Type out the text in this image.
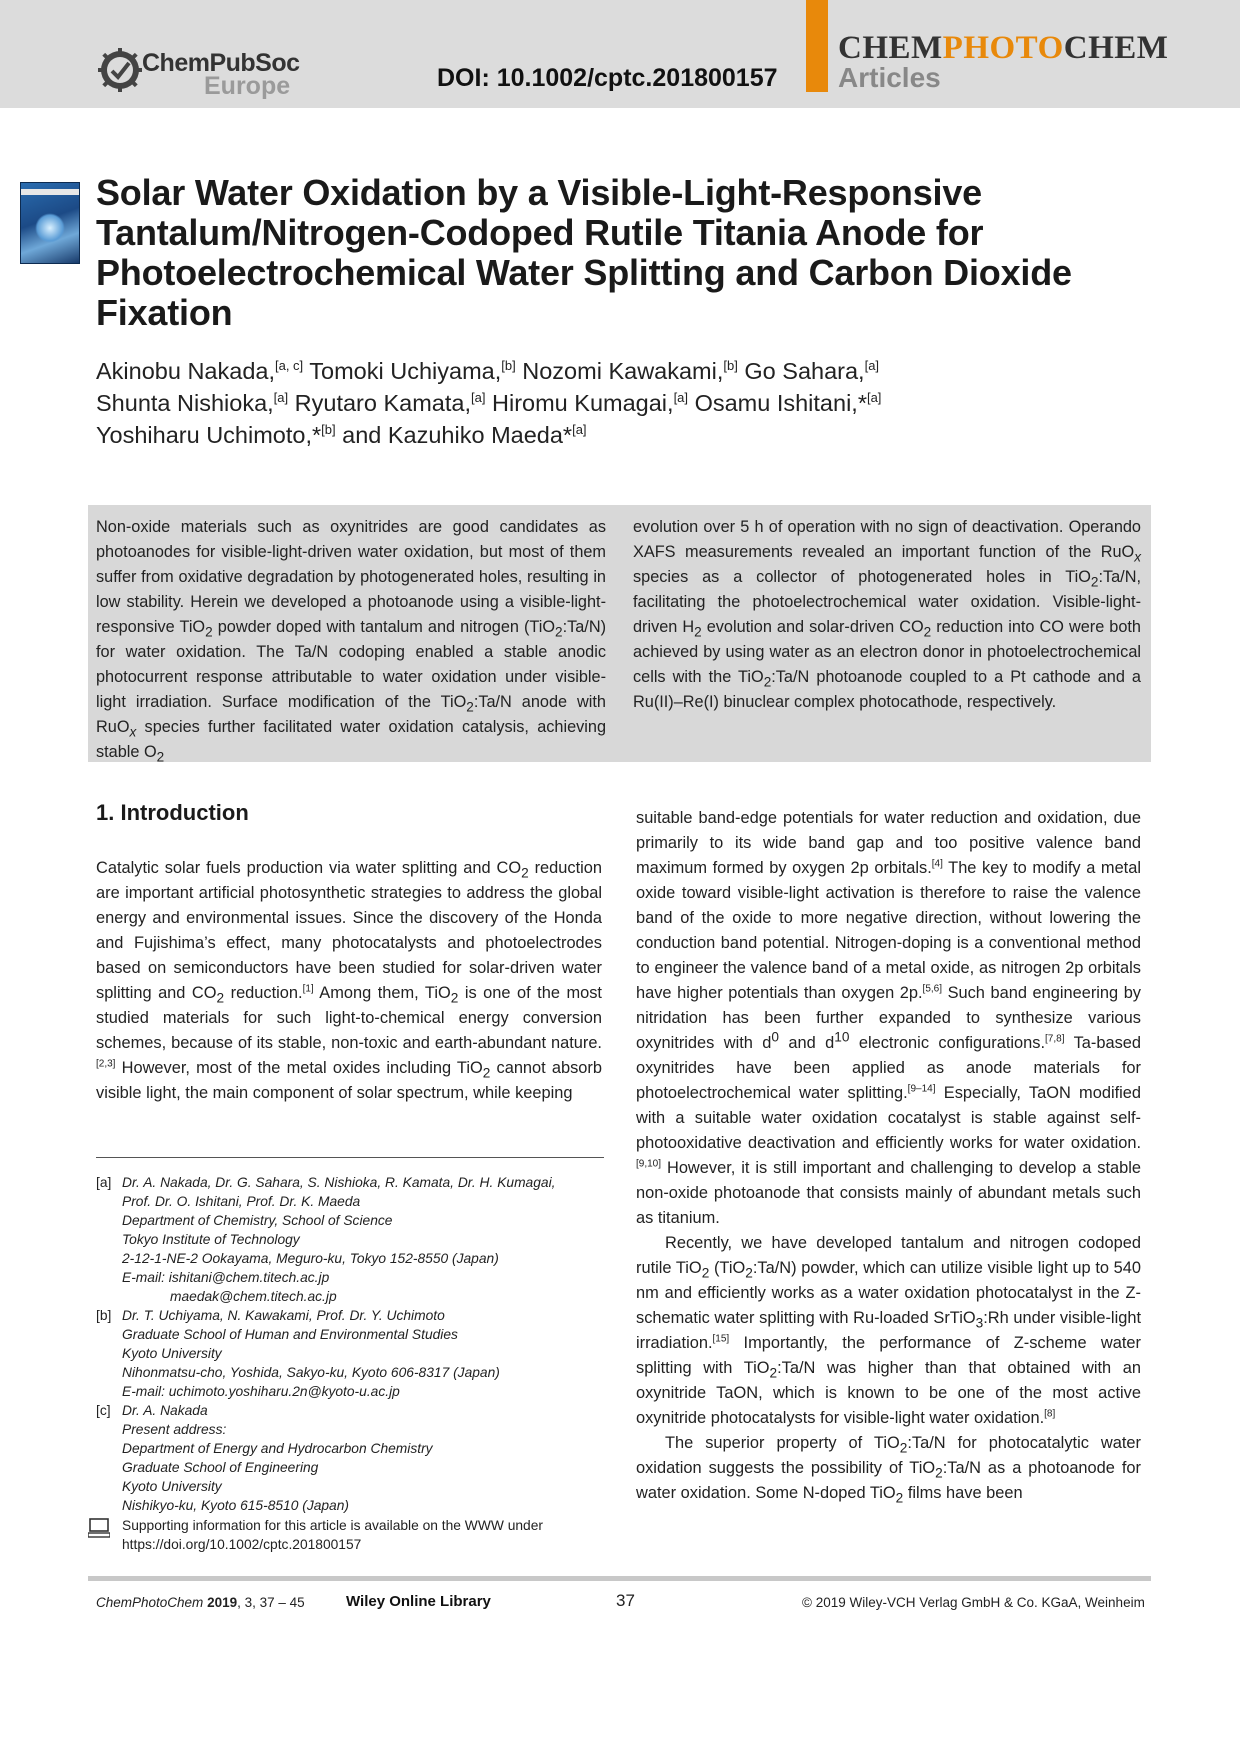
ChemPubSoc
Europe	DOI: 10.1002/cptc.201800157
CHEMPHOTOCHEM
Articles
Solar Water Oxidation by a Visible-Light-Responsive Tantalum/Nitrogen-Codoped Rutile Titania Anode for Photoelectrochemical Water Splitting and Carbon Dioxide Fixation

Akinobu Nakada,[a, c] Tomoki Uchiyama,[b] Nozomi Kawakami,[b] Go Sahara,[a]
Shunta Nishioka,[a] Ryutaro Kamata,[a] Hiromu Kumagai,[a] Osamu Ishitani,*[a]
Yoshiharu Uchimoto,*[b] and Kazuhiko Maeda*[a]

Non-oxide materials such as oxynitrides are good candidates as photoanodes for visible-light-driven water oxidation, but most of them suffer from oxidative degradation by photogenerated holes, resulting in low stability. Herein we developed a photoanode using a visible-light-responsive TiO$_2$ powder doped with tantalum and nitrogen (TiO$_2$:Ta/N) for water oxidation. The Ta/N codoping enabled a stable anodic photocurrent response attributable to water oxidation under visible-light irradiation. Surface modification of the TiO$_2$:Ta/N anode with RuO$_x$ species further facilitated water oxidation catalysis, achieving stable $O_2$

evolution over 5 h of operation with no sign of deactivation. Operando XAFS measurements revealed an important function of the RuO$_x$ species as a collector of photogenerated holes in TiO$_2$:Ta/N, facilitating the photoelectrochemical water oxidation. Visible-light-driven $H_2$ evolution and solar-driven $CO_2$ reduction into CO were both achieved by using water as an electron donor in photoelectrochemical cells with the TiO$_2$:Ta/N photoanode coupled to a Pt cathode and a Ru(II)–Re(I) binuclear complex photocathode, respectively.

1. Introduction

Catalytic solar fuels production via water splitting and $CO_2$ reduction are important artificial photosynthetic strategies to address the global energy and environmental issues. Since the discovery of the Honda and Fujishima’s effect, many photocatalysts and photoelectrodes based on semiconductors have been studied for solar-driven water splitting and $CO_2$ reduction.[1] Among them, TiO$_2$ is one of the most studied materials for such light-to-chemical energy conversion schemes, because of its stable, non-toxic and earth-abundant nature.[2,3] However, most of the metal oxides including TiO$_2$ cannot absorb visible light, the main component of solar spectrum, while keeping

suitable band-edge potentials for water reduction and oxidation, due primarily to its wide band gap and too positive valence band maximum formed by oxygen 2p orbitals.[4] The key to modify a metal oxide toward visible-light activation is therefore to raise the valence band of the oxide to more negative direction, without lowering the conduction band potential. Nitrogen-doping is a conventional method to engineer the valence band of a metal oxide, as nitrogen 2p orbitals have higher potentials than oxygen 2p.[5,6] Such band engineering by nitridation has been further expanded to synthesize various oxynitrides with $d^0$ and $d^{10}$ electronic configurations.[7,8] Ta-based oxynitrides have been applied as anode materials for photoelectrochemical water splitting.[9–14] Especially, TaON modified with a suitable water oxidation cocatalyst is stable against self-photooxidative deactivation and efficiently works for water oxidation.[9,10] However, it is still important and challenging to develop a stable non-oxide photoanode that consists mainly of abundant metals such as titanium.

Recently, we have developed tantalum and nitrogen codoped rutile TiO$_2$ (TiO$_2$:Ta/N) powder, which can utilize visible light up to 540 nm and efficiently works as a water oxidation photocatalyst in the Z-schematic water splitting with Ru-loaded SrTiO$_3$:Rh under visible-light irradiation.[15] Importantly, the performance of Z-scheme water splitting with TiO$_2$:Ta/N was higher than that obtained with an oxynitride TaON, which is known to be one of the most active oxynitride photocatalysts for visible-light water oxidation.[8]

The superior property of TiO$_2$:Ta/N for photocatalytic water oxidation suggests the possibility of TiO$_2$:Ta/N as a photoanode for water oxidation. Some N-doped TiO$_2$ films have been

[a] Dr. A. Nakada, Dr. G. Sahara, S. Nishioka, R. Kamata, Dr. H. Kumagai,
Prof. Dr. O. Ishitani, Prof. Dr. K. Maeda
Department of Chemistry, School of Science
Tokyo Institute of Technology
2-12-1-NE-2 Ookayama, Meguro-ku, Tokyo 152-8550 (Japan)
E-mail: ishitani@chem.titech.ac.jp
maedak@chem.titech.ac.jp
[b] Dr. T. Uchiyama, N. Kawakami, Prof. Dr. Y. Uchimoto
Graduate School of Human and Environmental Studies
Kyoto University
Nihonmatsu-cho, Yoshida, Sakyo-ku, Kyoto 606-8317 (Japan)
E-mail: uchimoto.yoshiharu.2n@kyoto-u.ac.jp
[c] Dr. A. Nakada
Present address:
Department of Energy and Hydrocarbon Chemistry
Graduate School of Engineering
Kyoto University
Nishikyo-ku, Kyoto 615-8510 (Japan)
Supporting information for this article is available on the WWW under
https://doi.org/10.1002/cptc.201800157
ChemPhotoChem 2019, 3, 37 – 45	Wiley Online Library	37	© 2019 Wiley-VCH Verlag GmbH & Co. KGaA, Weinheim
